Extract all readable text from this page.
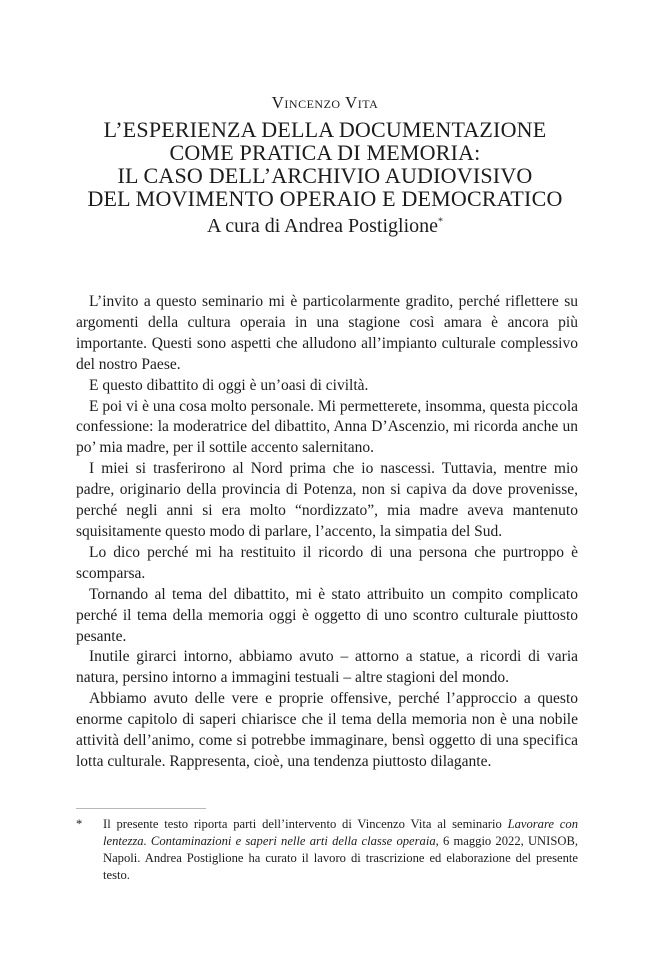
Vincenzo Vita

L’ESPERIENZA DELLA DOCUMENTAZIONE
COME PRATICA DI MEMORIA:
IL CASO DELL’ARCHIVIO AUDIOVISIVO
DEL MOVIMENTO OPERAIO E DEMOCRATICO

A cura di Andrea Postiglione*

L’invito a questo seminario mi è particolarmente gradito, perché riflettere su argomenti della cultura operaia in una stagione così amara è ancora più importante. Questi sono aspetti che alludono all’impianto culturale complessivo del nostro Paese.

E questo dibattito di oggi è un’oasi di civiltà.

E poi vi è una cosa molto personale. Mi permetterete, insomma, questa piccola confessione: la moderatrice del dibattito, Anna D’Ascenzio, mi ricorda anche un po’ mia madre, per il sottile accento salernitano.

I miei si trasferirono al Nord prima che io nascessi. Tuttavia, mentre mio padre, originario della provincia di Potenza, non si capiva da dove provenisse, perché negli anni si era molto “nordizzato”, mia madre aveva mantenuto squisitamente questo modo di parlare, l’accento, la simpatia del Sud.

Lo dico perché mi ha restituito il ricordo di una persona che purtroppo è scomparsa.

Tornando al tema del dibattito, mi è stato attribuito un compito complicato perché il tema della memoria oggi è oggetto di uno scontro culturale piuttosto pesante.

Inutile girarci intorno, abbiamo avuto – attorno a statue, a ricordi di varia natura, persino intorno a immagini testuali – altre stagioni del mondo.

Abbiamo avuto delle vere e proprie offensive, perché l’approccio a questo enorme capitolo di saperi chiarisce che il tema della memoria non è una nobile attività dell’animo, come si potrebbe immaginare, bensì oggetto di una specifica lotta culturale. Rappresenta, cioè, una tendenza piuttosto dilagante.

*	Il presente testo riporta parti dell’intervento di Vincenzo Vita al seminario Lavorare con lentezza. Contaminazioni e saperi nelle arti della classe operaia, 6 maggio 2022, UNISOB, Napoli. Andrea Postiglione ha curato il lavoro di trascrizione ed elaborazione del presente testo.
